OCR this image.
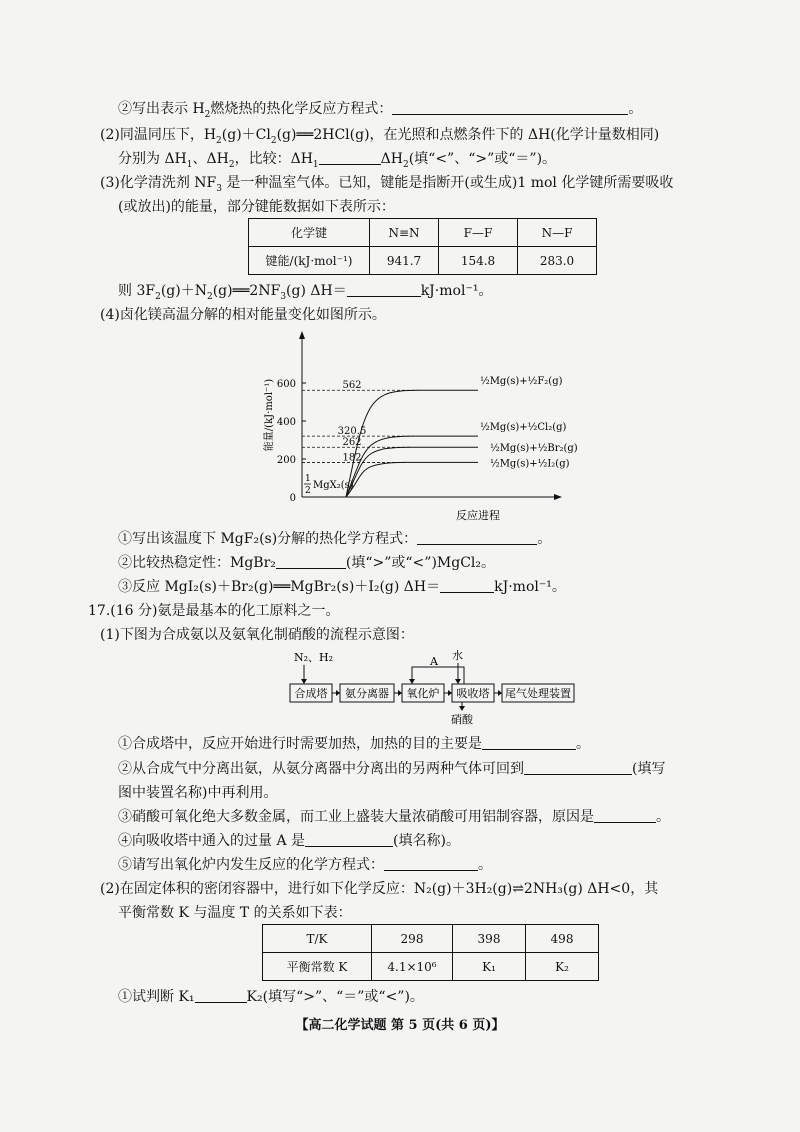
②写出表示 $H_2$燃烧热的热化学反应方程式：	。
(2)同温同压下，$H_2(g)+Cl_2(g)══2HCl(g)$，在光照和点燃条件下的 ΔH(化学计量数相同)
分别为 $\Delta H_1$、$\Delta H_2$，比较：$\Delta H_1$	$\Delta H_2$(填“<”、“>”或“＝”)。
(3)化学清洗剂 $NF_3$ 是一种温室气体。已知，键能是指断开(或生成)1 mol 化学键所需要吸收
(或放出)的能量，部分键能数据如下表所示：
化学键	N≡N	F—F	N—F
键能/(kJ·mol⁻¹)	941.7	154.8	283.0
则 $3F_2(g)+N_2(g)══2NF_3(g)$ ΔH＝	kJ·mol⁻¹。
(4)卤化镁高温分解的相对能量变化如图所示。
0
200
400
600
能量/(kJ·mol⁻¹)
反应进程
1
2 MgX₂(s)
562	½Mg(s)+½F₂(g)
320.5	½Mg(s)+½Cl₂(g)
262
½Mg(s)+½Br₂(g)
182
½Mg(s)+½I₂(g)
①写出该温度下 MgF₂(s)分解的热化学方程式：	。
②比较热稳定性：MgBr₂	(填“>”或“<”)MgCl₂。
③反应 MgI₂(s)＋Br₂(g)══MgBr₂(s)＋I₂(g) ΔH＝	kJ·mol⁻¹。
17.(16 分)氨是最基本的化工原料之一。
(1)下图为合成氨以及氨氧化制硝酸的流程示意图：
N₂、H₂
合成塔 氨分离器 氧化炉 吸收塔 尾气处理装置
A 水
硝酸
①合成塔中，反应开始进行时需要加热，加热的目的主要是	。
②从合成气中分离出氨，从氨分离器中分离出的另两种气体可回到	(填写
图中装置名称)中再利用。
③硝酸可氧化绝大多数金属，而工业上盛装大量浓硝酸可用铝制容器，原因是	。
④向吸收塔中通入的过量 A 是	(填名称)。
⑤请写出氧化炉内发生反应的化学方程式：	。
(2)在固定体积的密闭容器中，进行如下化学反应：N₂(g)＋3H₂(g)⇌2NH₃(g) ΔH<0，其
平衡常数 K 与温度 T 的关系如下表：
T/K	298	398	498
平衡常数 K	4.1×10⁶	K₁	K₂
①试判断 K₁	K₂(填写“>”、“＝”或“<”)。
【高二化学试题 第 5 页(共 6 页)】
